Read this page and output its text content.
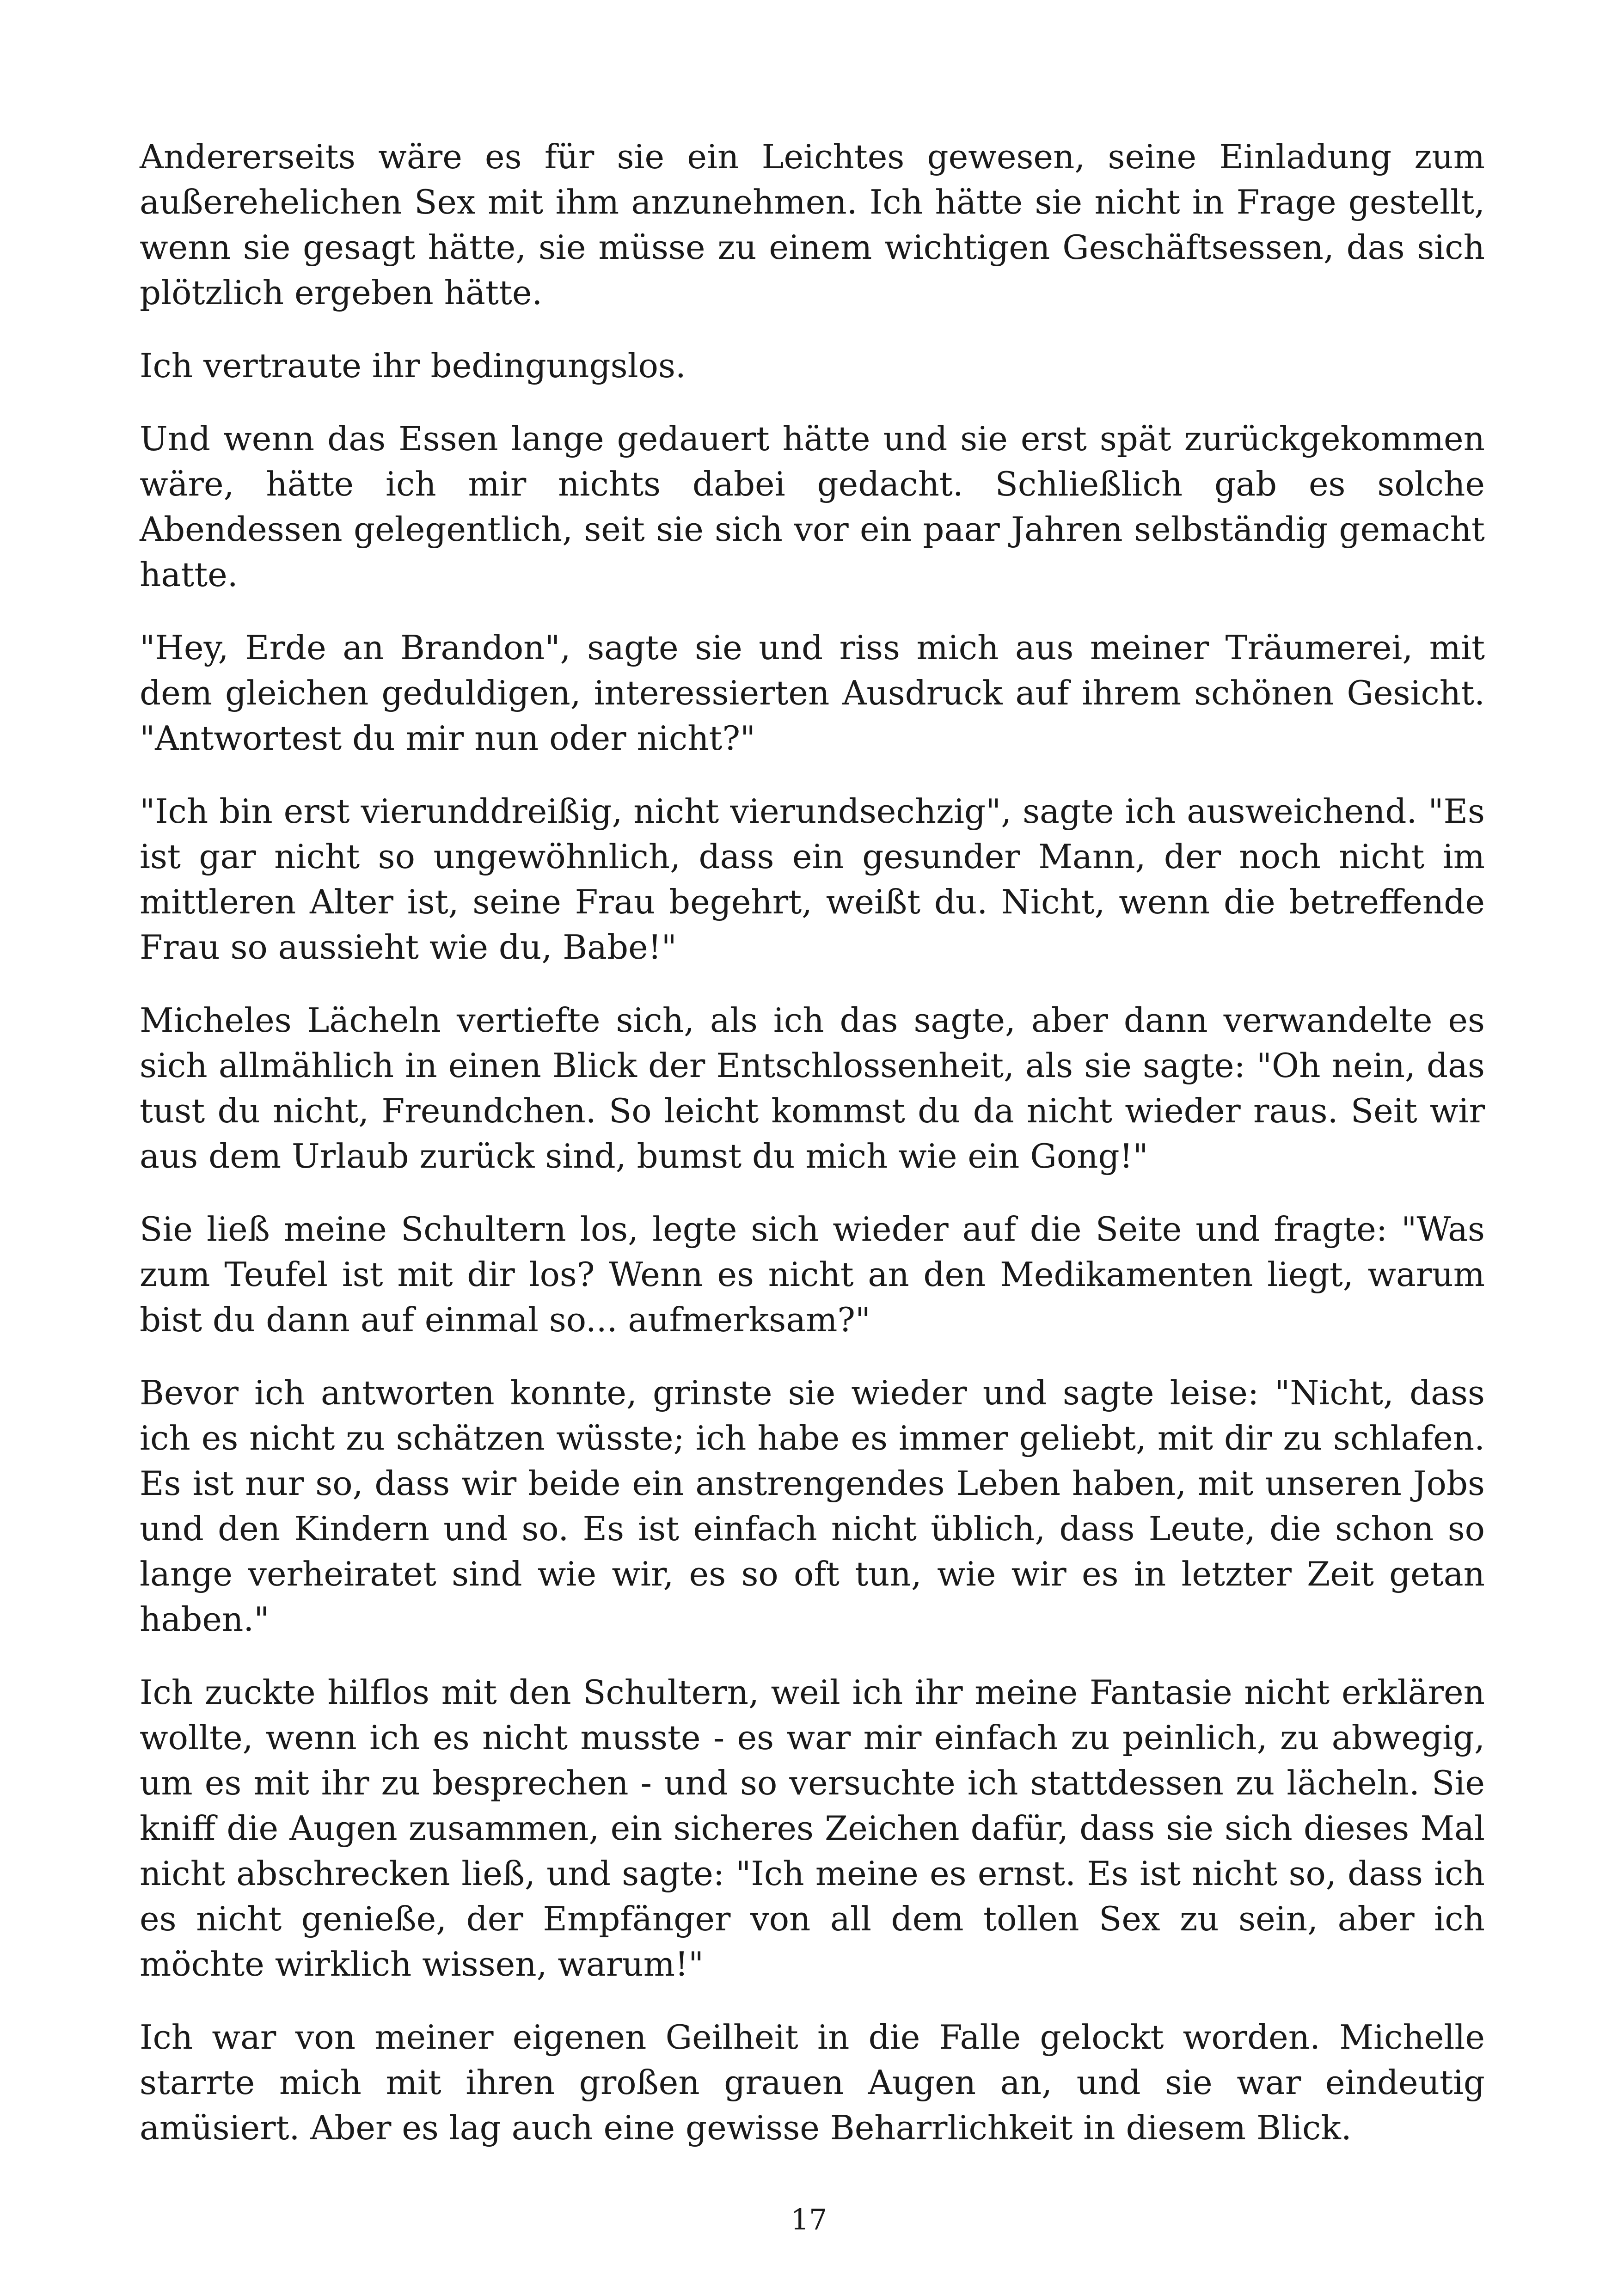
Andererseits wäre es für sie ein Leichtes gewesen, seine Einladung zum außerehelichen Sex mit ihm anzunehmen. Ich hätte sie nicht in Frage gestellt, wenn sie gesagt hätte, sie müsse zu einem wichtigen Geschäftsessen, das sich plötzlich ergeben hätte.

Ich vertraute ihr bedingungslos.

Und wenn das Essen lange gedauert hätte und sie erst spät zurückgekommen wäre, hätte ich mir nichts dabei gedacht. Schließlich gab es solche Abendessen gelegentlich, seit sie sich vor ein paar Jahren selbständig gemacht hatte.

"Hey, Erde an Brandon", sagte sie und riss mich aus meiner Träumerei, mit dem gleichen geduldigen, interessierten Ausdruck auf ihrem schönen Gesicht. "Antwortest du mir nun oder nicht?"

"Ich bin erst vierunddreißig, nicht vierundsechzig", sagte ich ausweichend. "Es ist gar nicht so ungewöhnlich, dass ein gesunder Mann, der noch nicht im mittleren Alter ist, seine Frau begehrt, weißt du. Nicht, wenn die betreffende Frau so aussieht wie du, Babe!"

Micheles Lächeln vertiefte sich, als ich das sagte, aber dann verwandelte es sich allmählich in einen Blick der Entschlossenheit, als sie sagte: "Oh nein, das tust du nicht, Freundchen. So leicht kommst du da nicht wieder raus. Seit wir aus dem Urlaub zurück sind, bumst du mich wie ein Gong!"

Sie ließ meine Schultern los, legte sich wieder auf die Seite und fragte: "Was zum Teufel ist mit dir los? Wenn es nicht an den Medikamenten liegt, warum bist du dann auf einmal so... aufmerksam?"

Bevor ich antworten konnte, grinste sie wieder und sagte leise: "Nicht, dass ich es nicht zu schätzen wüsste; ich habe es immer geliebt, mit dir zu schlafen. Es ist nur so, dass wir beide ein anstrengendes Leben haben, mit unseren Jobs und den Kindern und so. Es ist einfach nicht üblich, dass Leute, die schon so lange verheiratet sind wie wir, es so oft tun, wie wir es in letzter Zeit getan haben."

Ich zuckte hilflos mit den Schultern, weil ich ihr meine Fantasie nicht erklären wollte, wenn ich es nicht musste - es war mir einfach zu peinlich, zu abwegig, um es mit ihr zu besprechen - und so versuchte ich stattdessen zu lächeln. Sie kniff die Augen zusammen, ein sicheres Zeichen dafür, dass sie sich dieses Mal nicht abschrecken ließ, und sagte: "Ich meine es ernst. Es ist nicht so, dass ich es nicht genieße, der Empfänger von all dem tollen Sex zu sein, aber ich möchte wirklich wissen, warum!"

Ich war von meiner eigenen Geilheit in die Falle gelockt worden. Michelle starrte mich mit ihren großen grauen Augen an, und sie war eindeutig amüsiert. Aber es lag auch eine gewisse Beharrlichkeit in diesem Blick.

17
